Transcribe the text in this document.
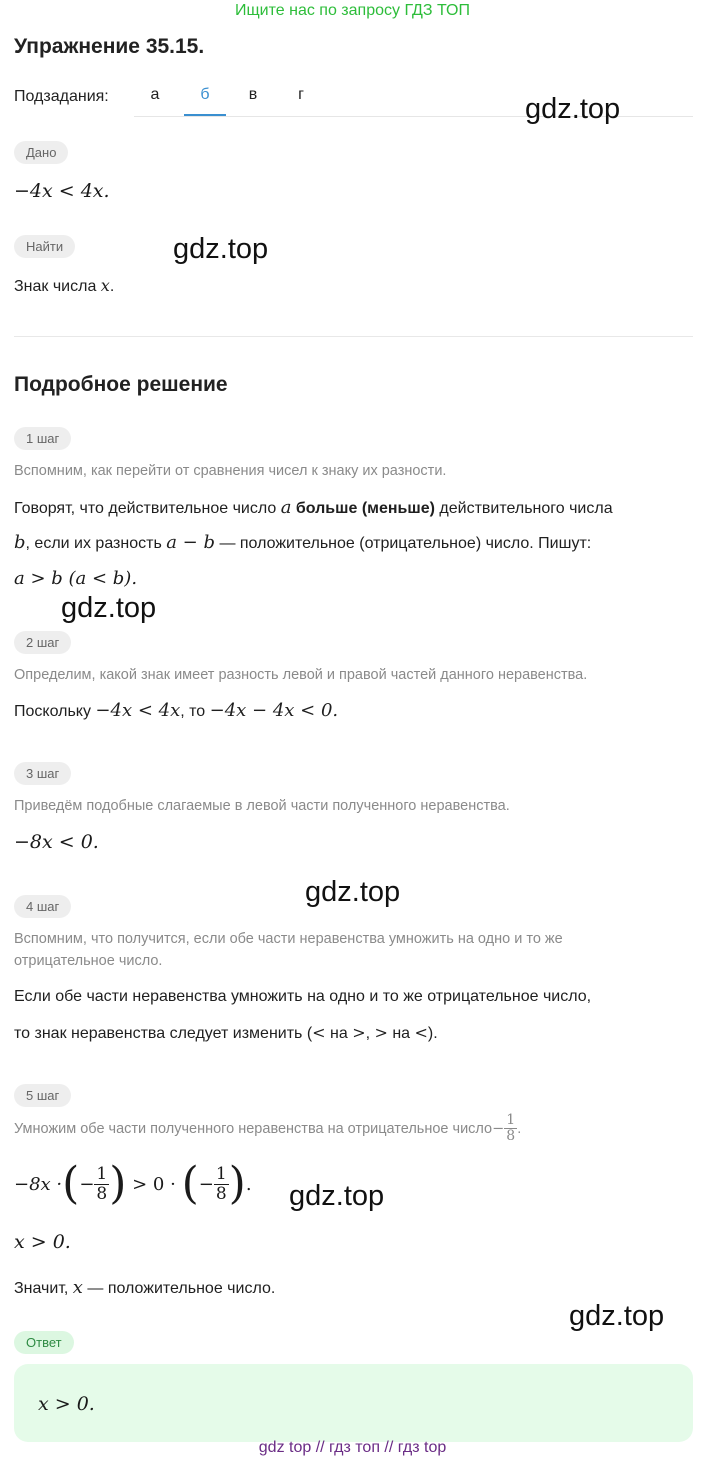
Ищите нас по запросу ГДЗ ТОП
Упражнение 35.15.
Подзадания:	а	б	в	г	gdz.top
Дано
−4x < 4x.
Найти	gdz.top
Знак числа x.
Подробное решение
1 шаг
Вспомним, как перейти от сравнения чисел к знаку их разности.
Говорят, что действительное число a больше (меньше) действительного числа
b, если их разность a − b — положительное (отрицательное) число. Пишут:
a > b (a < b).
gdz.top
2 шаг
Определим, какой знак имеет разность левой и правой частей данного неравенства.
Поскольку −4x < 4x, то −4x − 4x < 0.
3 шаг
Приведём подобные слагаемые в левой части полученного неравенства.
−8x < 0.
gdz.top
4 шаг
Вспомним, что получится, если обе части неравенства умножить на одно и то же
отрицательное число.
Если обе части неравенства умножить на одно и то же отрицательное число,
то знак неравенства следует изменить (< на >, > на <).
5 шаг
Умножим обе части полученного неравенства на отрицательное число − $\frac{1}{8}$ .
−8x · ( − $\frac{1}{8}$ ) > 0 · ( − $\frac{1}{8}$ ) . gdz.top
x > 0.
Значит, x — положительное число.
gdz.top
Ответ
x > 0.
gdz top // гдз топ // гдз top
